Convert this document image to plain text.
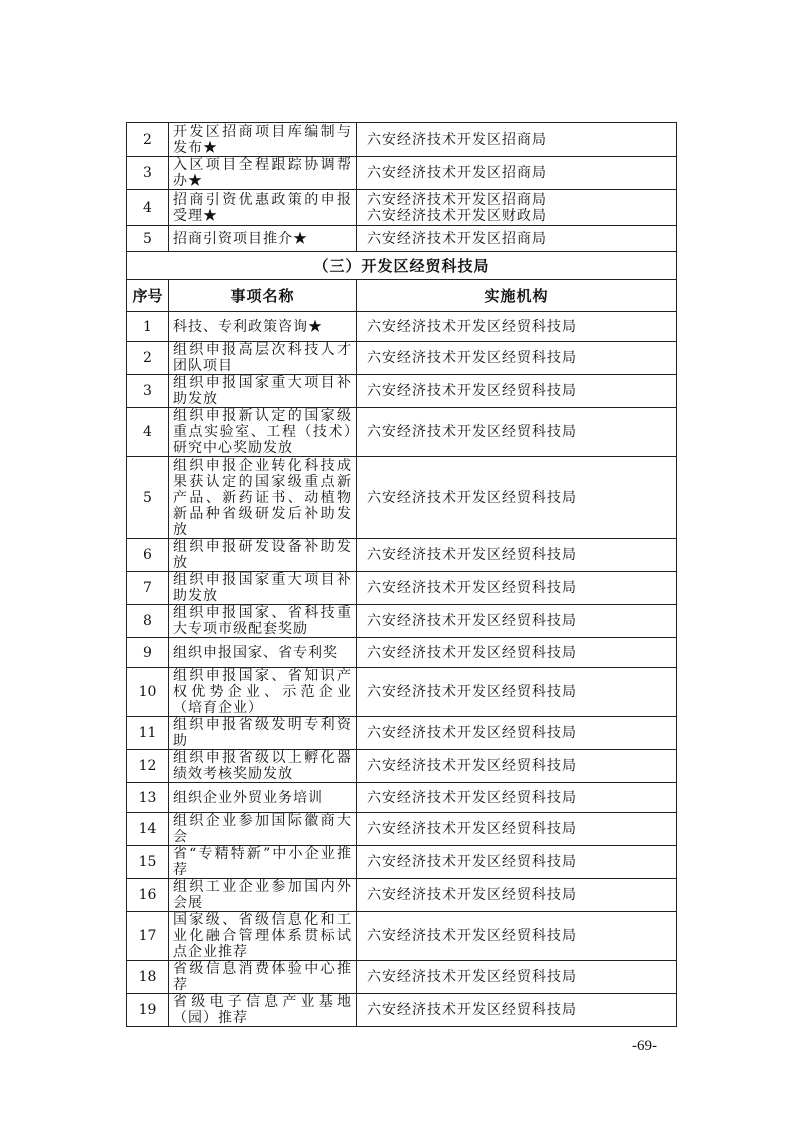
2	开发区招商项目库编制与发布★	六安经济技术开发区招商局
3	入区项目全程跟踪协调帮办★	六安经济技术开发区招商局
4	招商引资优惠政策的申报受理★	六安经济技术开发区招商局
六安经济技术开发区财政局
5	招商引资项目推介★	六安经济技术开发区招商局
（三）开发区经贸科技局		
序号	事项名称	实施机构
1	科技、专利政策咨询★	六安经济技术开发区经贸科技局
2	组织申报高层次科技人才团队项目	六安经济技术开发区经贸科技局
3	组织申报国家重大项目补助发放	六安经济技术开发区经贸科技局
4	组织申报新认定的国家级重点实验室、工程（技术）研究中心奖励发放	六安经济技术开发区经贸科技局
5	组织申报企业转化科技成果获认定的国家级重点新产品、新药证书、动植物新品种省级研发后补助发放	六安经济技术开发区经贸科技局
6	组织申报研发设备补助发放	六安经济技术开发区经贸科技局
7	组织申报国家重大项目补助发放	六安经济技术开发区经贸科技局
8	组织申报国家、省科技重大专项市级配套奖励	六安经济技术开发区经贸科技局
9	组织申报国家、省专利奖	六安经济技术开发区经贸科技局
10	组织申报国家、省知识产权优势企业、示范企业（培育企业）	六安经济技术开发区经贸科技局
11	组织申报省级发明专利资助	六安经济技术开发区经贸科技局
12	组织申报省级以上孵化器绩效考核奖励发放	六安经济技术开发区经贸科技局
13	组织企业外贸业务培训	六安经济技术开发区经贸科技局
14	组织企业参加国际徽商大会	六安经济技术开发区经贸科技局
15	省“专精特新”中小企业推荐	六安经济技术开发区经贸科技局
16	组织工业企业参加国内外会展	六安经济技术开发区经贸科技局
17	国家级、省级信息化和工业化融合管理体系贯标试点企业推荐	六安经济技术开发区经贸科技局
18	省级信息消费体验中心推荐	六安经济技术开发区经贸科技局
19	省级电子信息产业基地（园）推荐	六安经济技术开发区经贸科技局
-69-
